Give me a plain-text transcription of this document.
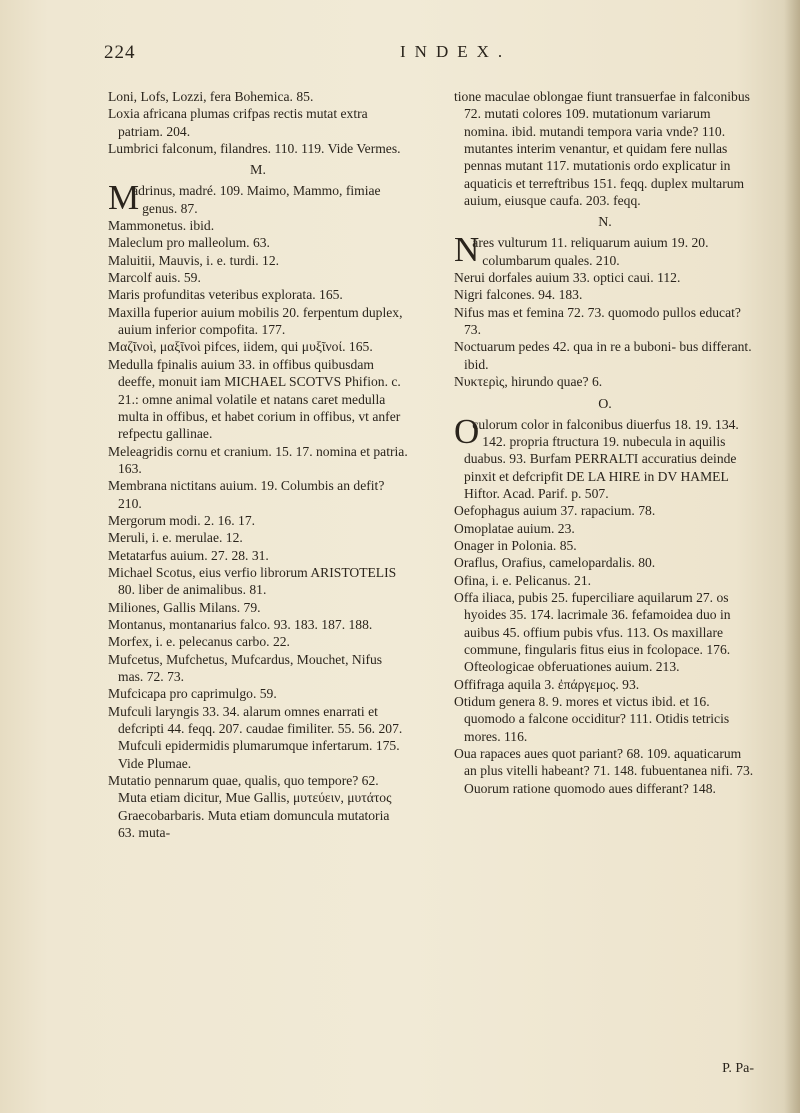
224	INDEX.

Loni, Lofs, Lozzi, fera Bohemica. 85.

Loxia africana plumas crifpas rectis mutat extra patriam. 204.

Lumbrici falconum, filandres. 110. 119. Vide Vermes.

M.

M
adrinus, madré. 109. Maimo, Mammo, fimiae genus. 87.

Mammonetus. ibid.

Maleclum pro malleolum. 63.

Maluitii, Mauvis, i. e. turdi. 12.

Marcolf auis. 59.

Maris profunditas veteribus explorata. 165.

Maxilla fuperior auium mobilis 20. ferpentum duplex, auium inferior compofita. 177.

Μαζῖνοὶ, μαξῖνοὶ pifces, iidem, qui μυξῖνοί. 165.

Medulla fpinalis auium 33. in offibus quibusdam deeffe, monuit iam MICHAEL SCOTVS Phifion. c. 21.: omne animal volatile et natans caret medulla multa in offibus, et habet corium in offibus, vt anfer refpectu gallinae.

Meleagridis cornu et cranium. 15. 17. nomina et patria. 163.

Membrana nictitans auium. 19. Columbis an defit? 210.

Mergorum modi. 2. 16. 17.

Meruli, i. e. merulae. 12.

Metatarfus auium. 27. 28. 31.

Michael Scotus, eius verfio librorum ARISTOTELIS 80. liber de animalibus. 81.

Miliones, Gallis Milans. 79.

Montanus, montanarius falco. 93. 183. 187. 188.

Morfex, i. e. pelecanus carbo. 22.

Mufcetus, Mufchetus, Mufcardus, Mouchet, Nifus mas. 72. 73.

Mufcicapa pro caprimulgo. 59.

Mufculi laryngis 33. 34. alarum omnes enarrati et defcripti 44. feqq. 207. caudae fimiliter. 55. 56. 207. Mufculi epidermidis plumarumque infertarum. 175. Vide Plumae.

Mutatio pennarum quae, qualis, quo tempore? 62. Muta etiam dicitur, Mue Gallis, μυτεύειν, μυτάτος Graecobarbaris. Muta etiam domuncula mutatoria 63. muta-

tione maculae oblongae fiunt transuerfae in falconibus 72. mutati colores 109. mutationum variarum nomina. ibid. mutandi tempora varia vnde? 110. mutantes interim venantur, et quidam fere nullas pennas mutant 117. mutationis ordo explicatur in aquaticis et terreftribus 151. feqq. duplex multarum auium, eiusque caufa. 203. feqq.

N.

N
ares vulturum 11. reliquarum auium 19. 20. columbarum quales. 210.

Nerui dorfales auium 33. optici caui. 112.

Nigri falcones. 94. 183.

Nifus mas et femina 72. 73. quomodo pullos educat? 73.

Noctuarum pedes 42. qua in re a buboni- bus differant. ibid.

Νυκτερὶς, hirundo quae? 6.

O.

O
culorum color in falconibus diuerfus 18. 19. 134. 142. propria ftructura 19. nubecula in aquilis duabus. 93. Burfam PERRALTI accuratius deinde pinxit et defcripfit DE LA HIRE in DV HAMEL Hiftor. Acad. Parif. p. 507.

Oefophagus auium 37. rapacium. 78.

Omoplatae auium. 23.

Onager in Polonia. 85.

Oraflus, Orafius, camelopardalis. 80.

Ofina, i. e. Pelicanus. 21.

Offa iliaca, pubis 25. fuperciliare aquilarum 27. os hyoides 35. 174. lacrimale 36. fefamoidea duo in auibus 45. offium pubis vfus. 113. Os maxillare commune, fingularis fitus eius in fcolopace. 176. Ofteologicae obferuationes auium. 213.

Offifraga aquila 3. ἐπάργεμος. 93.

Otidum genera 8. 9. mores et victus ibid. et 16. quomodo a falcone occiditur? 111. Otidis tetricis mores. 116.

Oua rapaces aues quot pariant? 68. 109. aquaticarum an plus vitelli habeant? 71. 148. fubuentanea nifi. 73. Ouorum ratione quomodo aues differant? 148.

P. Pa-
